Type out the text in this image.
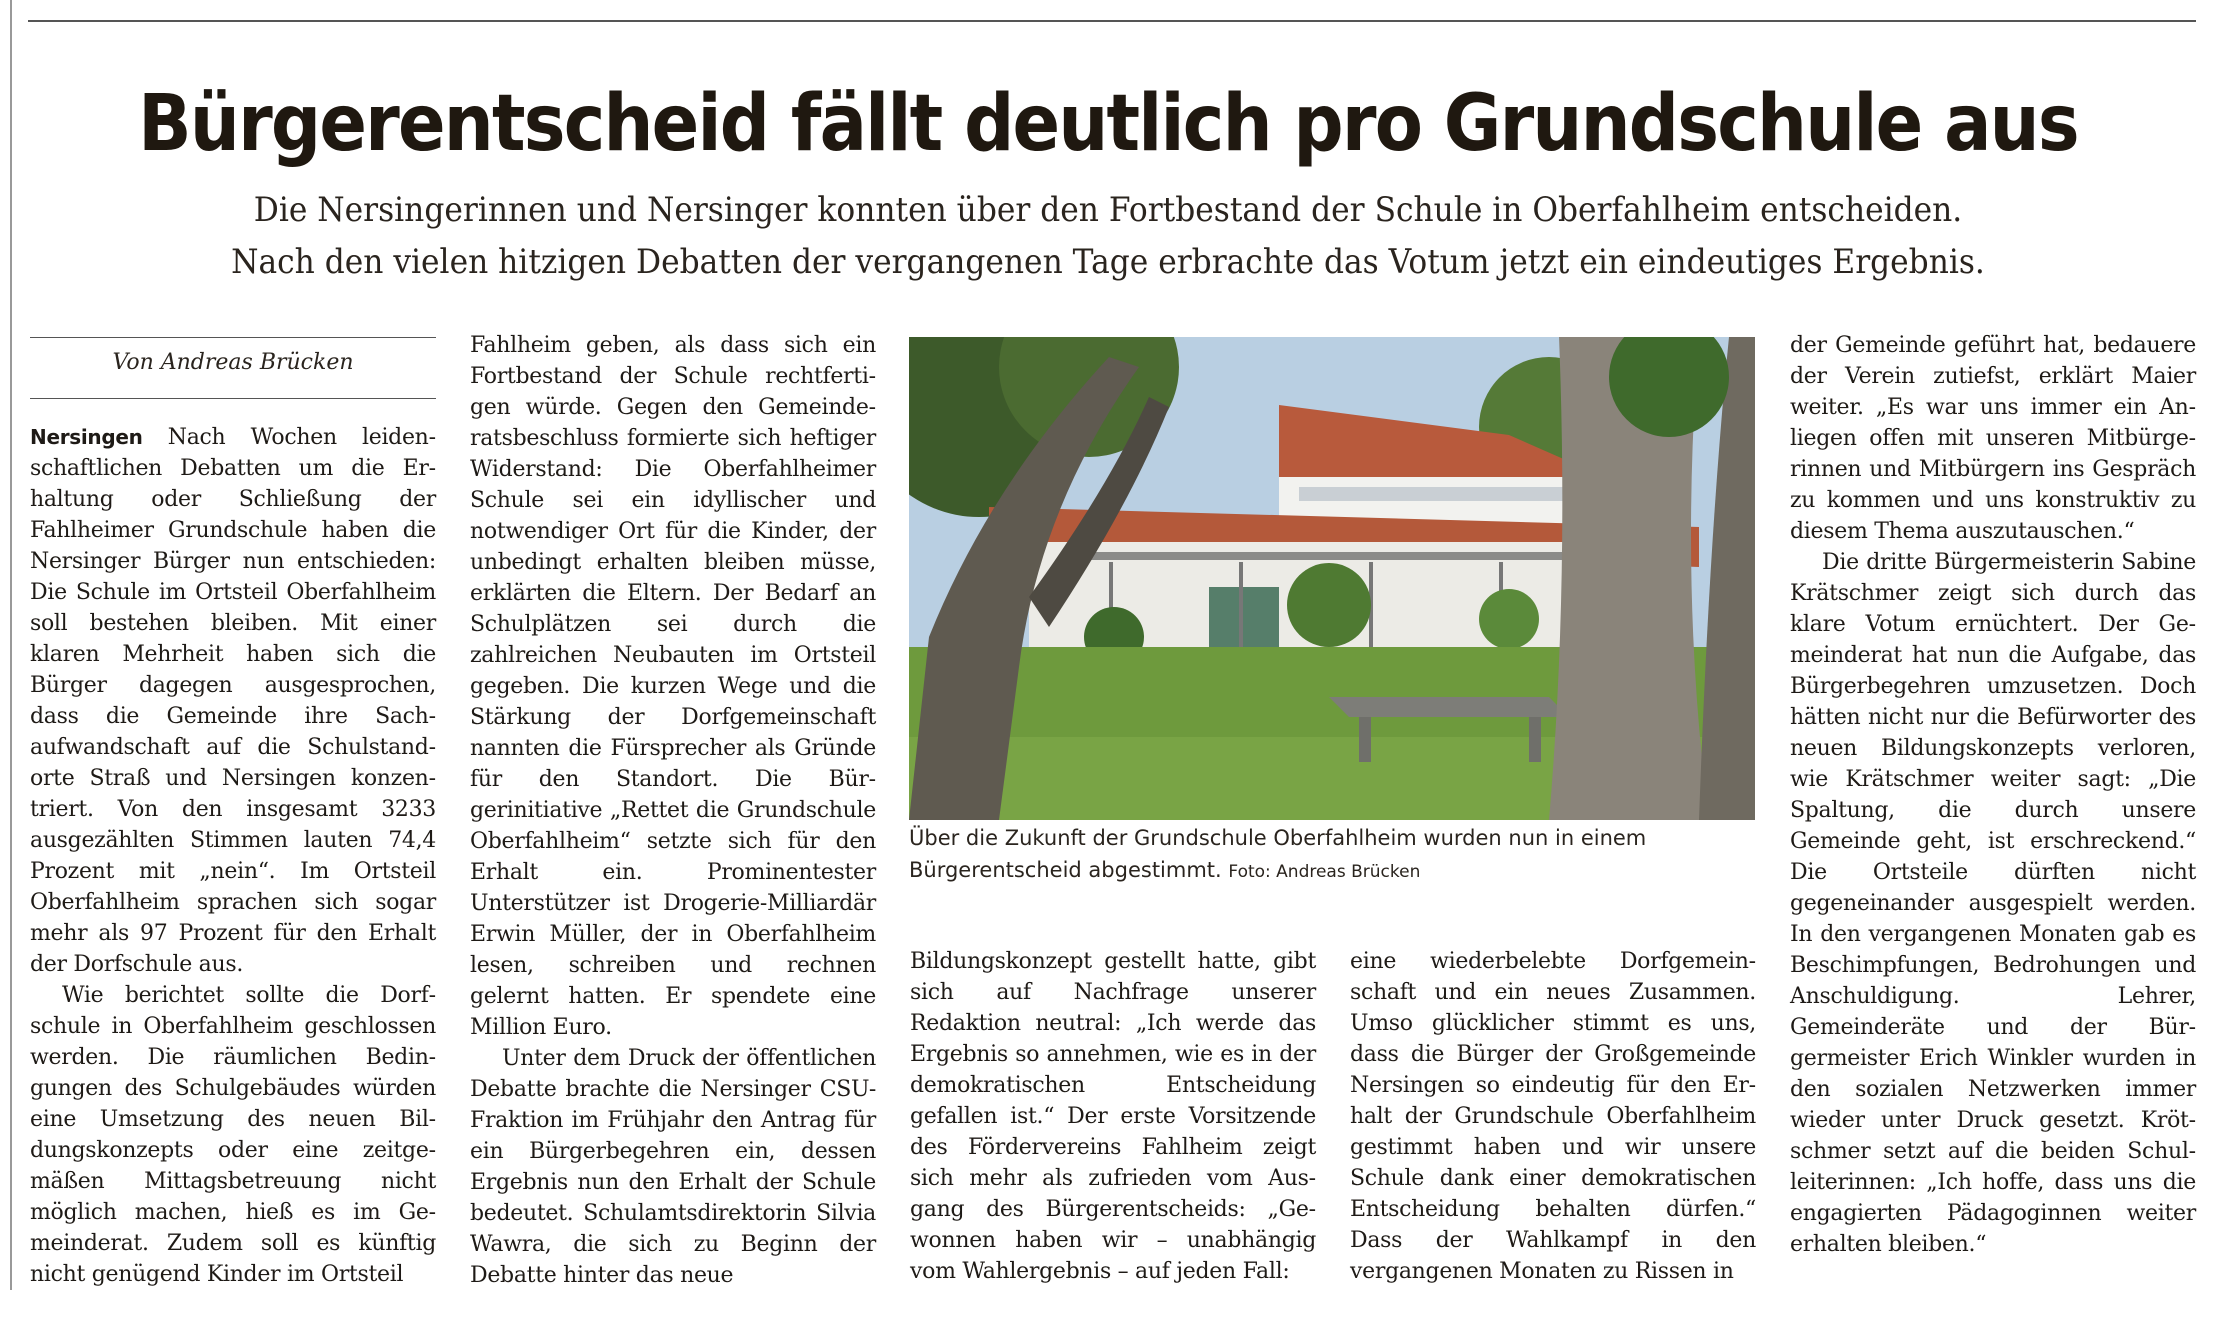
Bürgerentscheid fällt deutlich pro Grundschule aus
Die Nersingerinnen und Nersinger konnten über den Fortbestand der Schule in Oberfahlheim entscheiden.
Nach den vielen hitzigen Debatten der vergangenen Tage erbrachte das Votum jetzt ein eindeutiges Ergebnis.
Von Andreas Brücken

Nersingen Nach Wochen leidenschaftlichen Debatten um die Erhaltung oder Schließung der Fahlheimer Grundschule haben die Nersinger Bürger nun entschieden: Die Schule im Ortsteil Oberfahlheim soll bestehen bleiben. Mit einer klaren Mehrheit haben sich die Bürger dagegen ausgesprochen, dass die Gemeinde ihre Sachaufwandschaft auf die Schulstandorte Straß und Nersingen konzentriert. Von den insgesamt 3233 ausgezählten Stimmen lauten 74,4 Prozent mit „nein“. Im Ortsteil Oberfahlheim sprachen sich sogar mehr als 97 Prozent für den Erhalt der Dorfschule aus.

Wie berichtet sollte die Dorfschule in Oberfahlheim geschlossen werden. Die räumlichen Bedingungen des Schulgebäudes würden eine Umsetzung des neuen Bildungskonzepts oder eine zeitgemäßen Mittagsbetreuung nicht möglich machen, hieß es im Gemeinderat. Zudem soll es künftig nicht genügend Kinder im Ortsteil

Fahlheim geben, als dass sich ein Fortbestand der Schule rechtfertigen würde. Gegen den Gemeinderatsbeschluss formierte sich heftiger Widerstand: Die Oberfahlheimer Schule sei ein idyllischer und notwendiger Ort für die Kinder, der unbedingt erhalten bleiben müsse, erklärten die Eltern. Der Bedarf an Schulplätzen sei durch die zahlreichen Neubauten im Ortsteil gegeben. Die kurzen Wege und die Stärkung der Dorfgemeinschaft nannten die Fürsprecher als Gründe für den Standort. Die Bürgerinitiative „Rettet die Grundschule Oberfahlheim“ setzte sich für den Erhalt ein. Prominentester Unterstützer ist Drogerie-Milliardär Erwin Müller, der in Oberfahlheim lesen, schreiben und rechnen gelernt hatten. Er spendete eine Million Euro.

Unter dem Druck der öffentlichen Debatte brachte die Nersinger CSU-Fraktion im Frühjahr den Antrag für ein Bürgerbegehren ein, dessen Ergebnis nun den Erhalt der Schule bedeutet. Schulamtsdirektorin Silvia Wawra, die sich zu Beginn der Debatte hinter das neue

Über die Zukunft der Grundschule Oberfahlheim wurden nun in einem Bürgerentscheid abgestimmt. Foto: Andreas Brücken

Bildungskonzept gestellt hatte, gibt sich auf Nachfrage unserer Redaktion neutral: „Ich werde das Ergebnis so annehmen, wie es in der demokratischen Entscheidung gefallen ist.“ Der erste Vorsitzende des Fördervereins Fahlheim zeigt sich mehr als zufrieden vom Ausgang des Bürgerentscheids: „Gewonnen haben wir – unabhängig vom Wahlergebnis – auf jeden Fall:

eine wiederbelebte Dorfgemeinschaft und ein neues Zusammen. Umso glücklicher stimmt es uns, dass die Bürger der Großgemeinde Nersingen so eindeutig für den Erhalt der Grundschule Oberfahlheim gestimmt haben und wir unsere Schule dank einer demokratischen Entscheidung behalten dürfen.“ Dass der Wahlkampf in den vergangenen Monaten zu Rissen in

der Gemeinde geführt hat, bedauere der Verein zutiefst, erklärt Maier weiter. „Es war uns immer ein Anliegen offen mit unseren Mitbürgerinnen und Mitbürgern ins Gespräch zu kommen und uns konstruktiv zu diesem Thema auszutauschen.“

Die dritte Bürgermeisterin Sabine Krätschmer zeigt sich durch das klare Votum ernüchtert. Der Gemeinderat hat nun die Aufgabe, das Bürgerbegehren umzusetzen. Doch hätten nicht nur die Befürworter des neuen Bildungskonzepts verloren, wie Krätschmer weiter sagt: „Die Spaltung, die durch unsere Gemeinde geht, ist erschreckend.“ Die Ortsteile dürften nicht gegeneinander ausgespielt werden. In den vergangenen Monaten gab es Beschimpfungen, Bedrohungen und Anschuldigung. Lehrer, Gemeinderäte und der Bürgermeister Erich Winkler wurden in den sozialen Netzwerken immer wieder unter Druck gesetzt. Krötschmer setzt auf die beiden Schulleiterinnen: „Ich hoffe, dass uns die engagierten Pädagoginnen weiter erhalten bleiben.“
